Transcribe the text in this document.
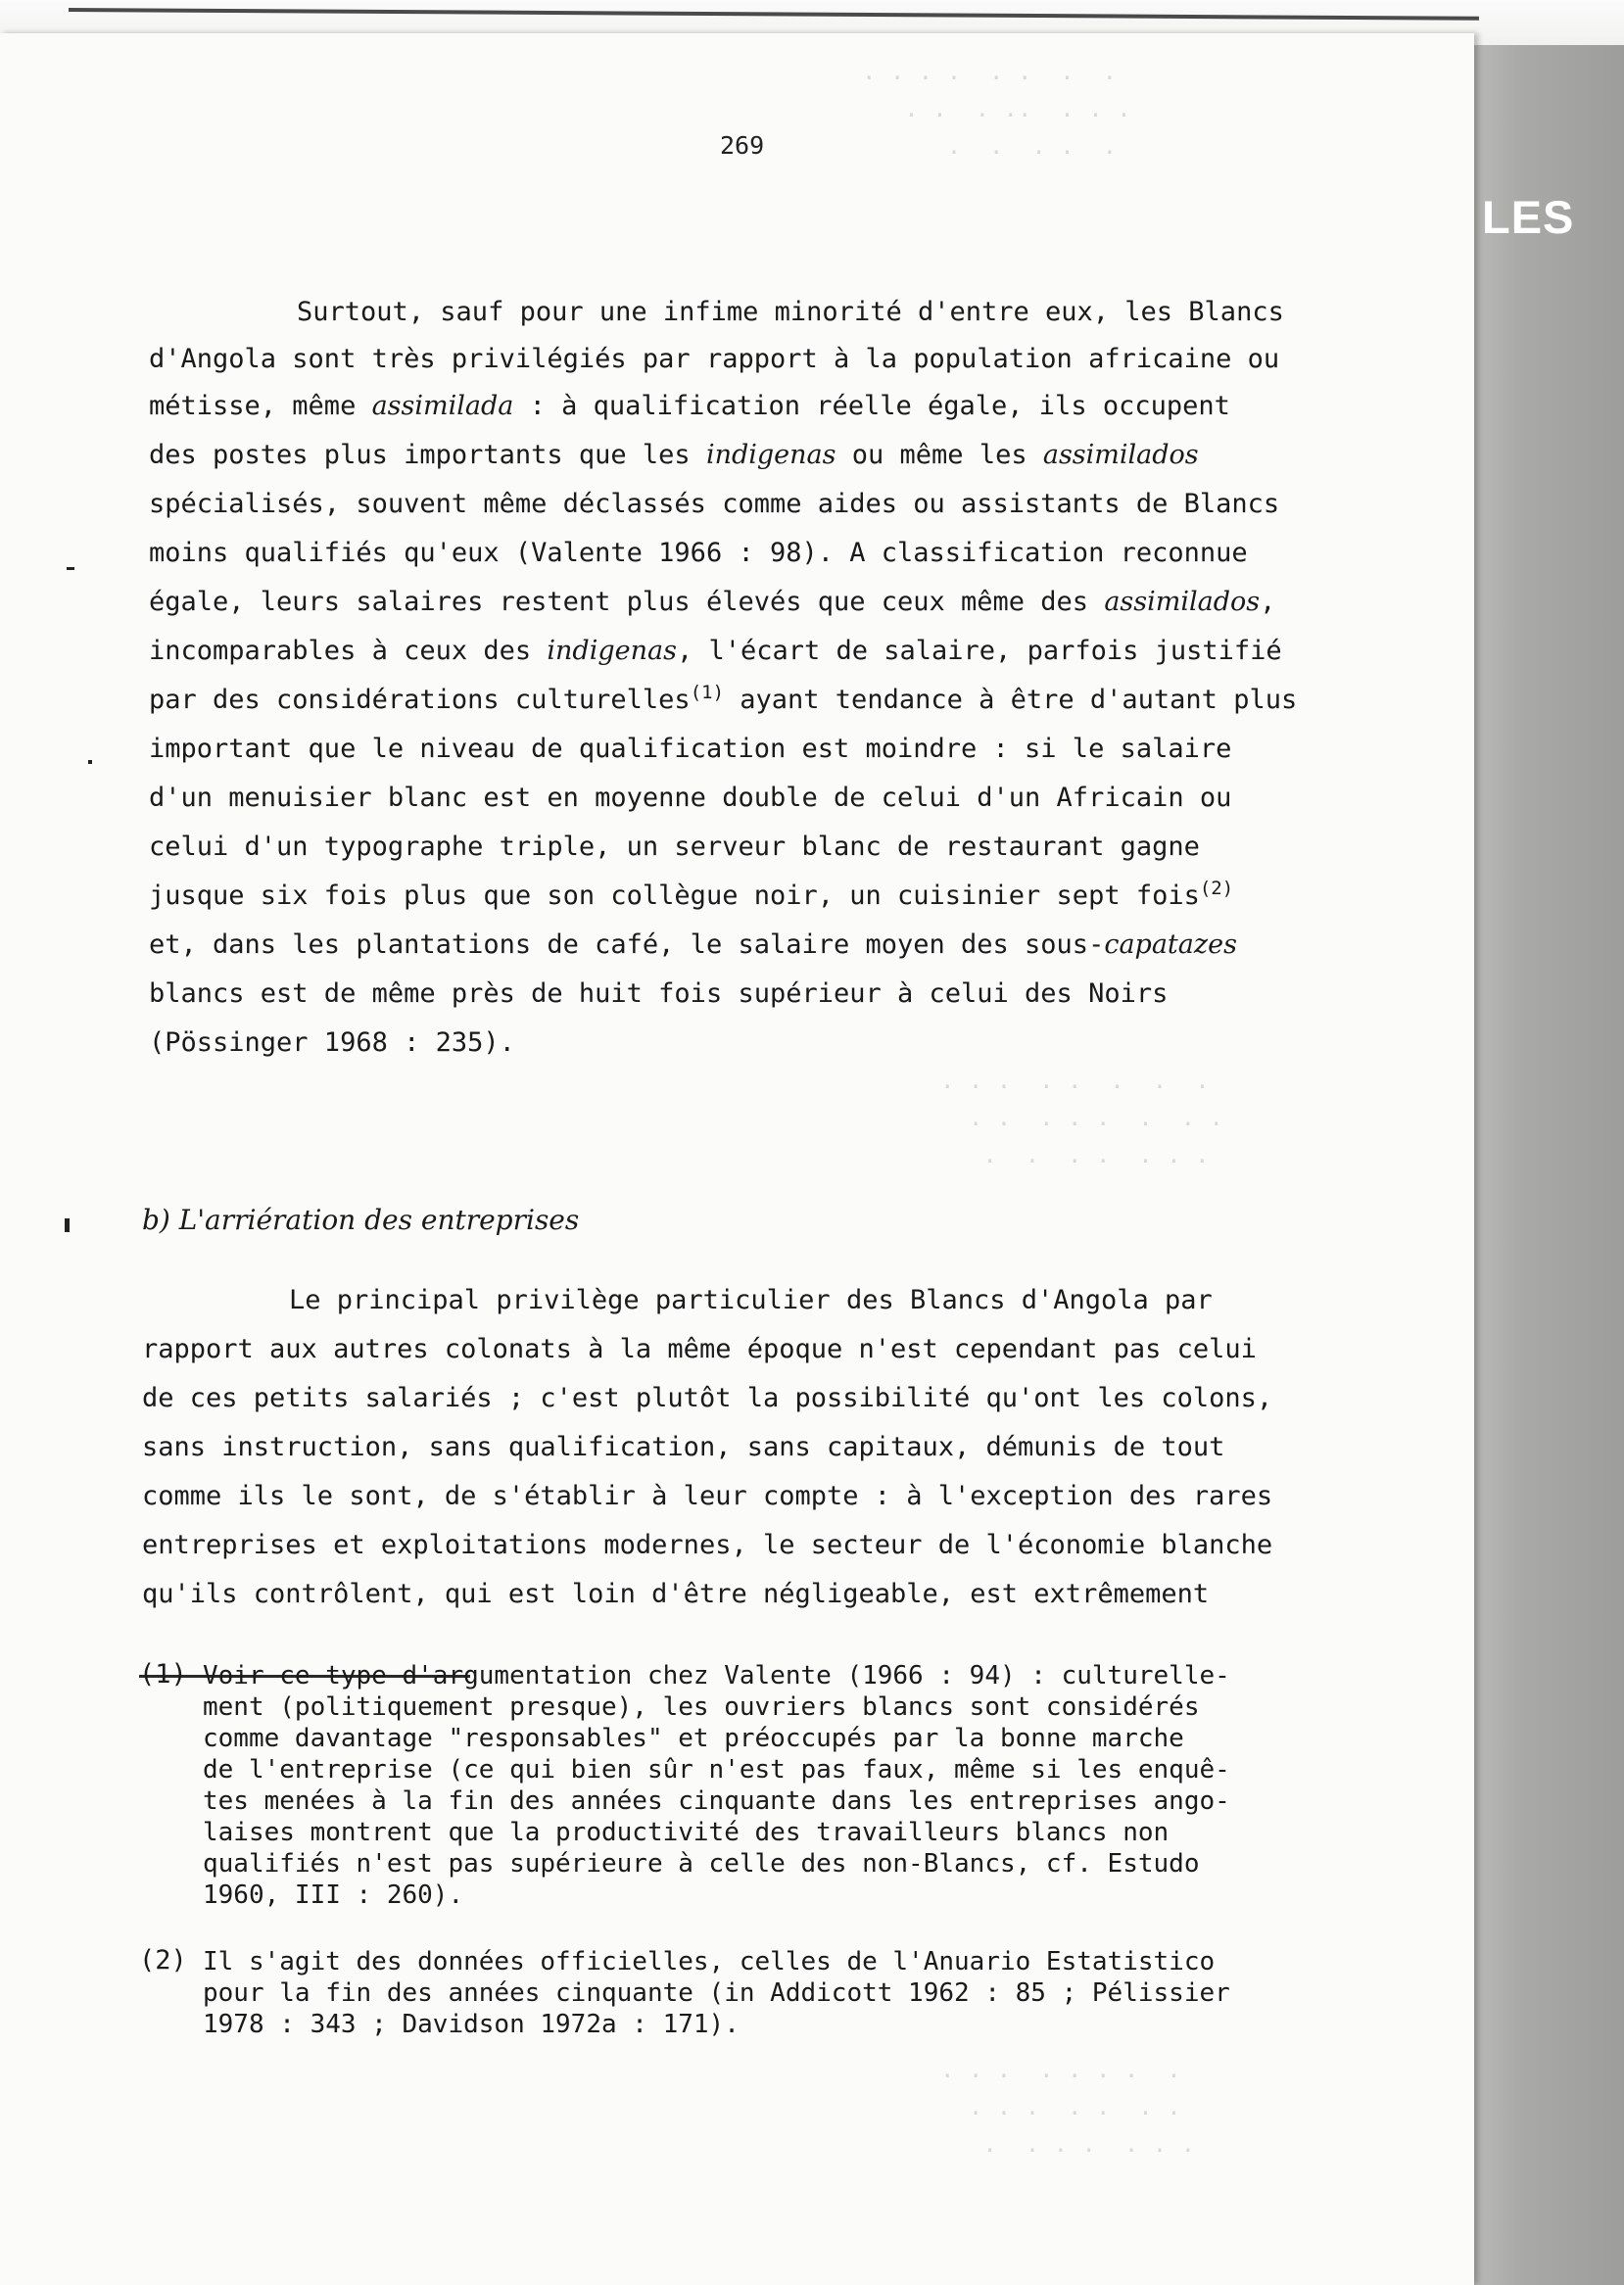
LES
. . . .  . .  .  .
. .  . ..  . . .
.  .  . .  .
. . .  . .  .  .  .
. .  . . .  .  . .
.  .  . .  . . .
. . .  . . . .  .
. . .  . .  . .
.  . . .  . . .
269
Surtout, sauf pour une infime minorité d'entre eux, les Blancs
d'Angola sont très privilégiés par rapport à la population africaine ou
métisse, même assimilada : à qualification réelle égale, ils occupent
des postes plus importants que les indigenas ou même les assimilados
spécialisés, souvent même déclassés comme aides ou assistants de Blancs
moins qualifiés qu'eux (Valente 1966 : 98). A classification reconnue
égale, leurs salaires restent plus élevés que ceux même des assimilados,
incomparables à ceux des indigenas, l'écart de salaire, parfois justifié
par des considérations culturelles$^{(1)}$ ayant tendance à être d'autant plus
important que le niveau de qualification est moindre : si le salaire
d'un menuisier blanc est en moyenne double de celui d'un Africain ou
celui d'un typographe triple, un serveur blanc de restaurant gagne
jusque six fois plus que son collègue noir, un cuisinier sept fois$^{(2)}$
et, dans les plantations de café, le salaire moyen des sous-capatazes
blancs est de même près de huit fois supérieur à celui des Noirs
(Pössinger 1968 : 235).
b) L'arriération des entreprises
Le principal privilège particulier des Blancs d'Angola par
rapport aux autres colonats à la même époque n'est cependant pas celui
de ces petits salariés ; c'est plutôt la possibilité qu'ont les colons,
sans instruction, sans qualification, sans capitaux, démunis de tout
comme ils le sont, de s'établir à leur compte : à l'exception des rares
entreprises et exploitations modernes, le secteur de l'économie blanche
qu'ils contrôlent, qui est loin d'être négligeable, est extrêmement
(1) Voir ce type d'argumentation chez Valente (1966 : 94) : culturelle-
ment (politiquement presque), les ouvriers blancs sont considérés
comme davantage "responsables" et préoccupés par la bonne marche
de l'entreprise (ce qui bien sûr n'est pas faux, même si les enquê-
tes menées à la fin des années cinquante dans les entreprises ango-
laises montrent que la productivité des travailleurs blancs non
qualifiés n'est pas supérieure à celle des non-Blancs, cf. Estudo
1960, III : 260).
(2) Il s'agit des données officielles, celles de l'Anuario Estatistico
pour la fin des années cinquante (in Addicott 1962 : 85 ; Pélissier
1978 : 343 ; Davidson 1972a : 171).
